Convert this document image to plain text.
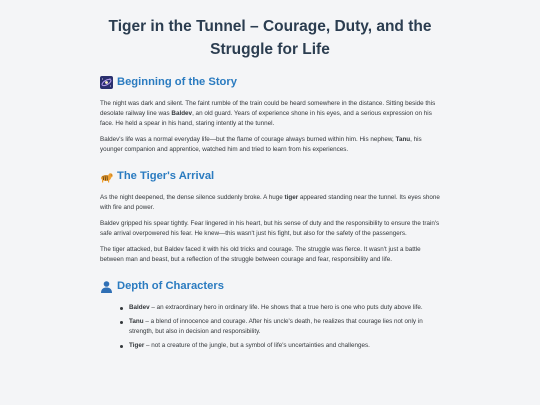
Tiger in the Tunnel – Courage, Duty, and the Struggle for Life
Beginning of the Story

The night was dark and silent. The faint rumble of the train could be heard somewhere in the distance. Sitting beside this desolate railway line was Baldev, an old guard. Years of experience shone in his eyes, and a serious expression on his face. He held a spear in his hand, staring intently at the tunnel.

Baldev's life was a normal everyday life—but the flame of courage always burned within him. His nephew, Tanu, his younger companion and apprentice, watched him and tried to learn from his experiences.

The Tiger's Arrival

As the night deepened, the dense silence suddenly broke. A huge tiger appeared standing near the tunnel. Its eyes shone with fire and power.

Baldev gripped his spear tightly. Fear lingered in his heart, but his sense of duty and the responsibility to ensure the train's safe arrival overpowered his fear. He knew—this wasn't just his fight, but also for the safety of the passengers.

The tiger attacked, but Baldev faced it with his old tricks and courage. The struggle was fierce. It wasn't just a battle between man and beast, but a reflection of the struggle between courage and fear, responsibility and life.

Depth of Characters
Baldev – an extraordinary hero in ordinary life. He shows that a true hero is one who puts duty above life.
Tanu – a blend of innocence and courage. After his uncle's death, he realizes that courage lies not only in strength, but also in decision and responsibility.
Tiger – not a creature of the jungle, but a symbol of life's uncertainties and challenges.
